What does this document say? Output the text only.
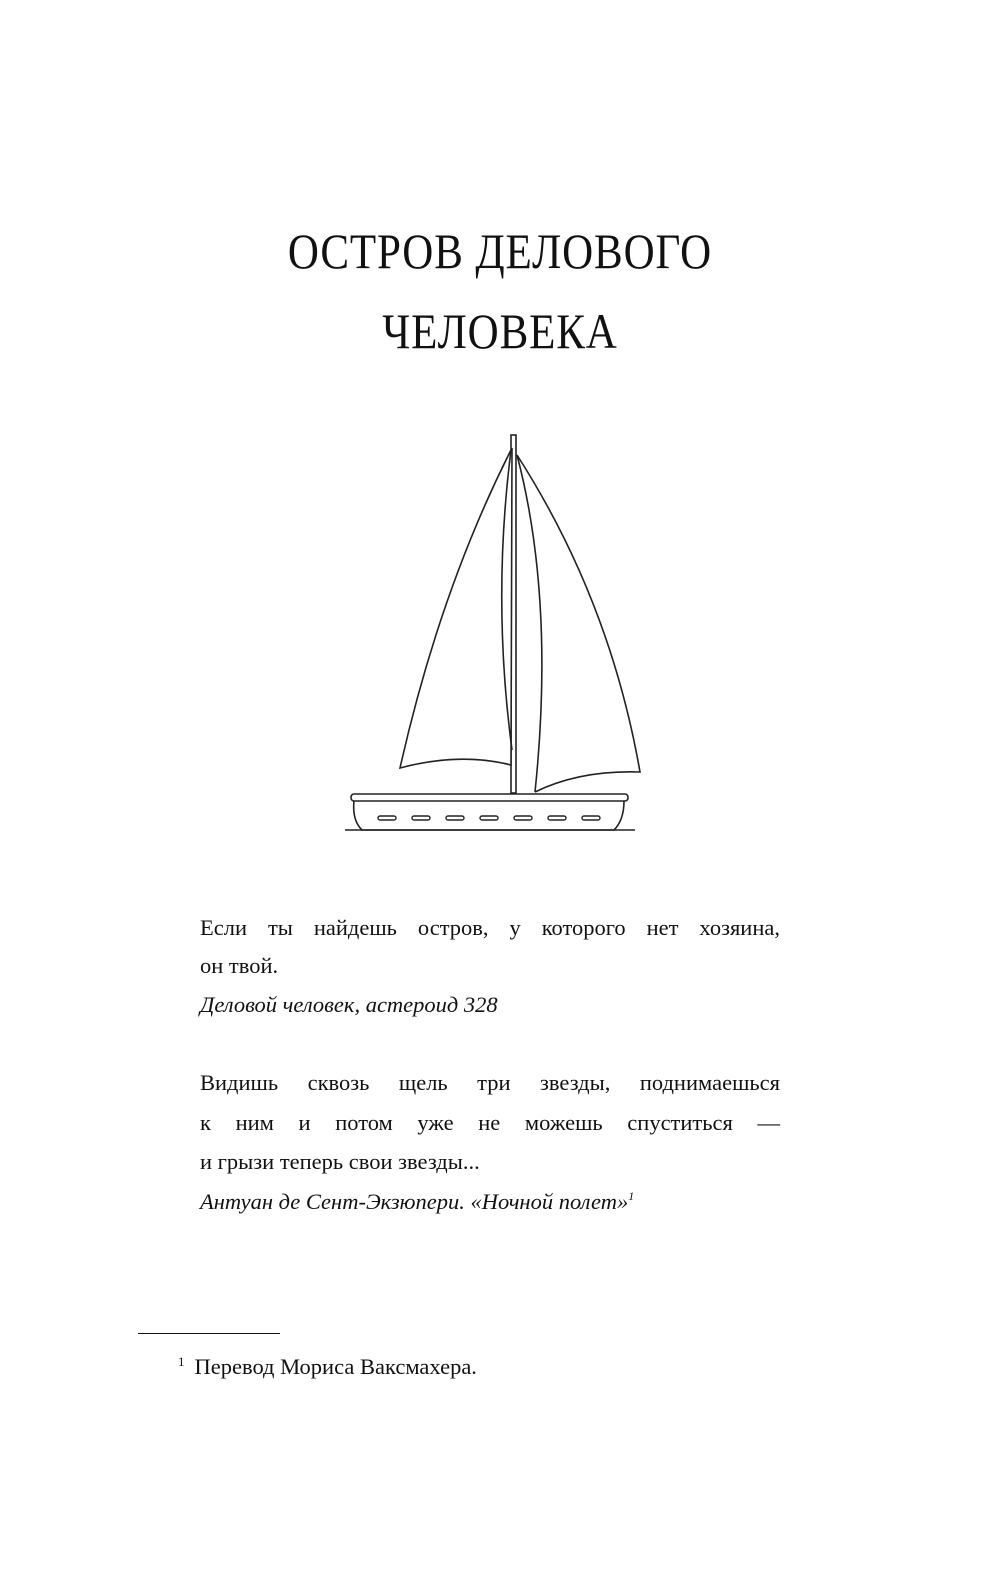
ОСТРОВ ДЕЛОВОГО
ЧЕЛОВЕКА
Если ты найдешь остров, у которого нет хозяина,
он твой.
Деловой человек, астероид 328
Видишь сквозь щель три звезды, поднимаешься
к ним и потом уже не можешь спуститься —
и грызи теперь свои звезды...
Антуан де Сент-Экзюпери. «Ночной полет»$^1$
$^1$ Перевод Мориса Ваксмахера.
